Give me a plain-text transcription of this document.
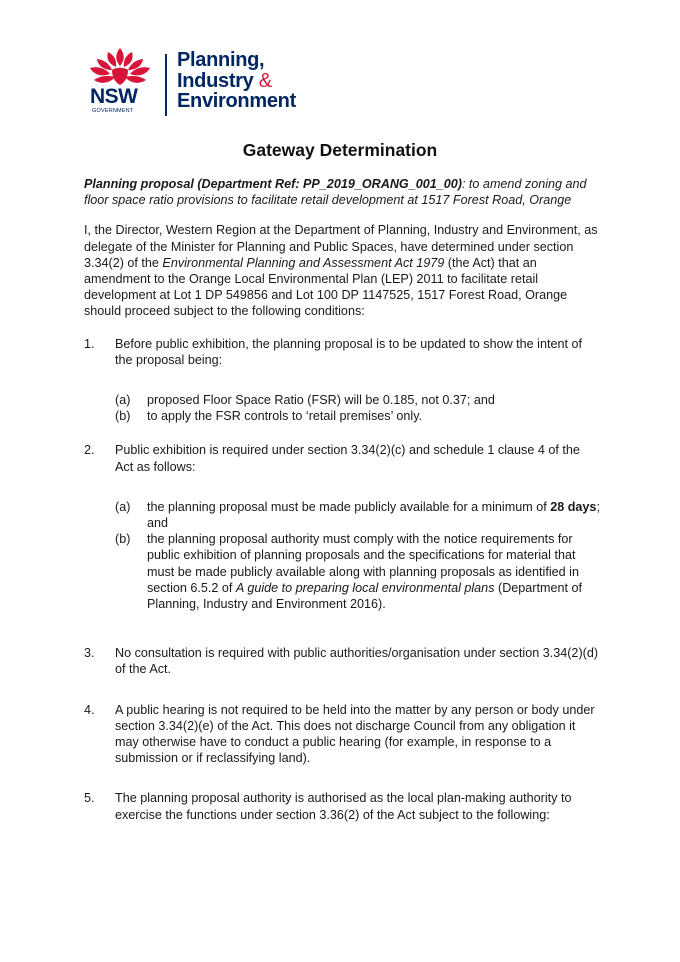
NSW
GOVERNMENT
Planning,
Industry &
Environment
Gateway Determination

Planning proposal (Department Ref: PP_2019_ORANG_001_00): to amend zoning and floor space ratio provisions to facilitate retail development at 1517 Forest Road, Orange

I, the Director, Western Region at the Department of Planning, Industry and Environment, as delegate of the Minister for Planning and Public Spaces, have determined under section 3.34(2) of the Environmental Planning and Assessment Act 1979 (the Act) that an amendment to the Orange Local Environmental Plan (LEP) 2011 to facilitate retail development at Lot 1 DP 549856 and Lot 100 DP 1147525, 1517 Forest Road, Orange should proceed subject to the following conditions:

1. Before public exhibition, the planning proposal is to be updated to show the intent of the proposal being:

(a) proposed Floor Space Ratio (FSR) will be 0.185, not 0.37; and
(b) to apply the FSR controls to ‘retail premises’ only.
2. Public exhibition is required under section 3.34(2)(c) and schedule 1 clause 4 of the Act as follows:

(a) the planning proposal must be made publicly available for a minimum of 28 days; and
(b) the planning proposal authority must comply with the notice requirements for public exhibition of planning proposals and the specifications for material that must be made publicly available along with planning proposals as identified in section 6.5.2 of A guide to preparing local environmental plans (Department of Planning, Industry and Environment 2016).
3. No consultation is required with public authorities/organisation under section 3.34(2)(d) of the Act.

4. A public hearing is not required to be held into the matter by any person or body under section 3.34(2)(e) of the Act. This does not discharge Council from any obligation it may otherwise have to conduct a public hearing (for example, in response to a submission or if reclassifying land).

5. The planning proposal authority is authorised as the local plan-making authority to exercise the functions under section 3.36(2) of the Act subject to the following:
